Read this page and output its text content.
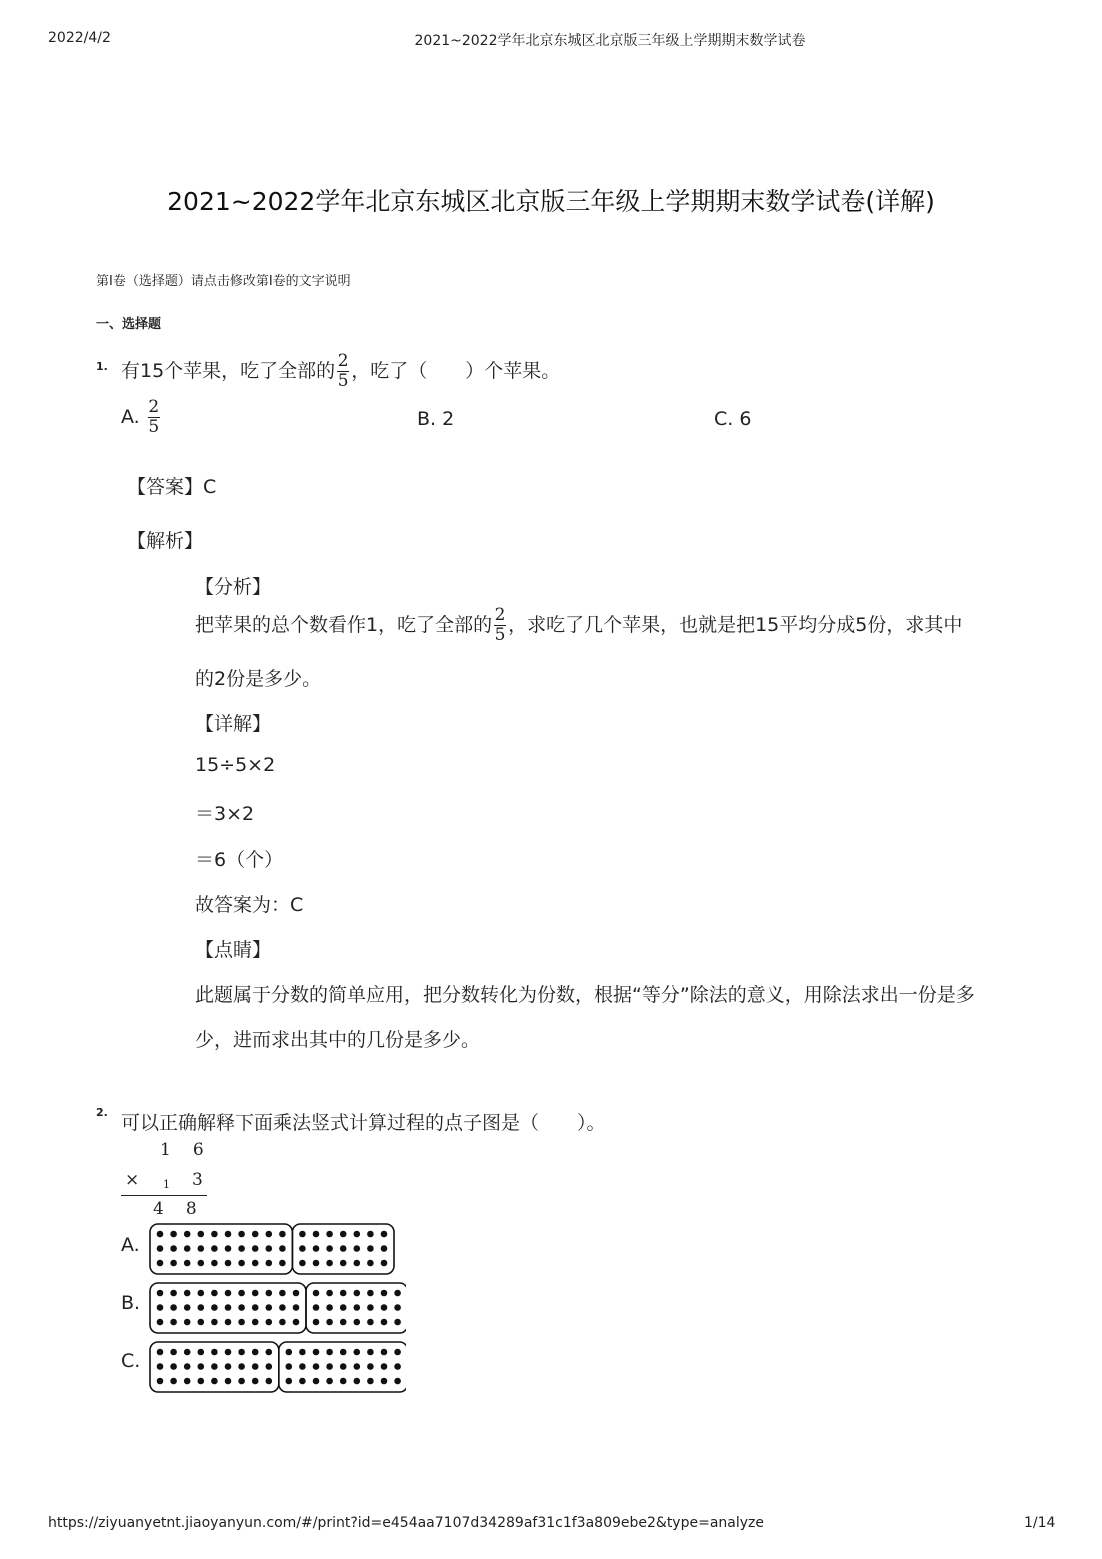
2022/4/2	2021~2022学年北京东城区北京版三年级上学期期末数学试卷
2021~2022学年北京东城区北京版三年级上学期期末数学试卷(详解)
第I卷（选择题）请点击修改第I卷的文字说明
一、选择题
1. 有15个苹果，吃了全部的 $\frac{2}{5}$ ，吃了（　　）个苹果。
A. $\frac{2}{5}$	B. 2	C. 6
【答案】C
【解析】
【分析】
把苹果的总个数看作1，吃了全部的 $\frac{2}{5}$ ，求吃了几个苹果，也就是把15平均分成5份，求其中
的2份是多少。
【详解】
15÷5×2
＝3×2
＝6（个）
故答案为：C
【点睛】
此题属于分数的简单应用，把分数转化为份数，根据“等分”除法的意义，用除法求出一份是多
少，进而求出其中的几份是多少。
2. 可以正确解释下面乘法竖式计算过程的点子图是（　　）。
1 6
× 1 3
4 8
A.
B.
C.
https://ziyuanyetnt.jiaoyanyun.com/#/print?id=e454aa7107d34289af31c1f3a809ebe2&type=analyze	1/14
